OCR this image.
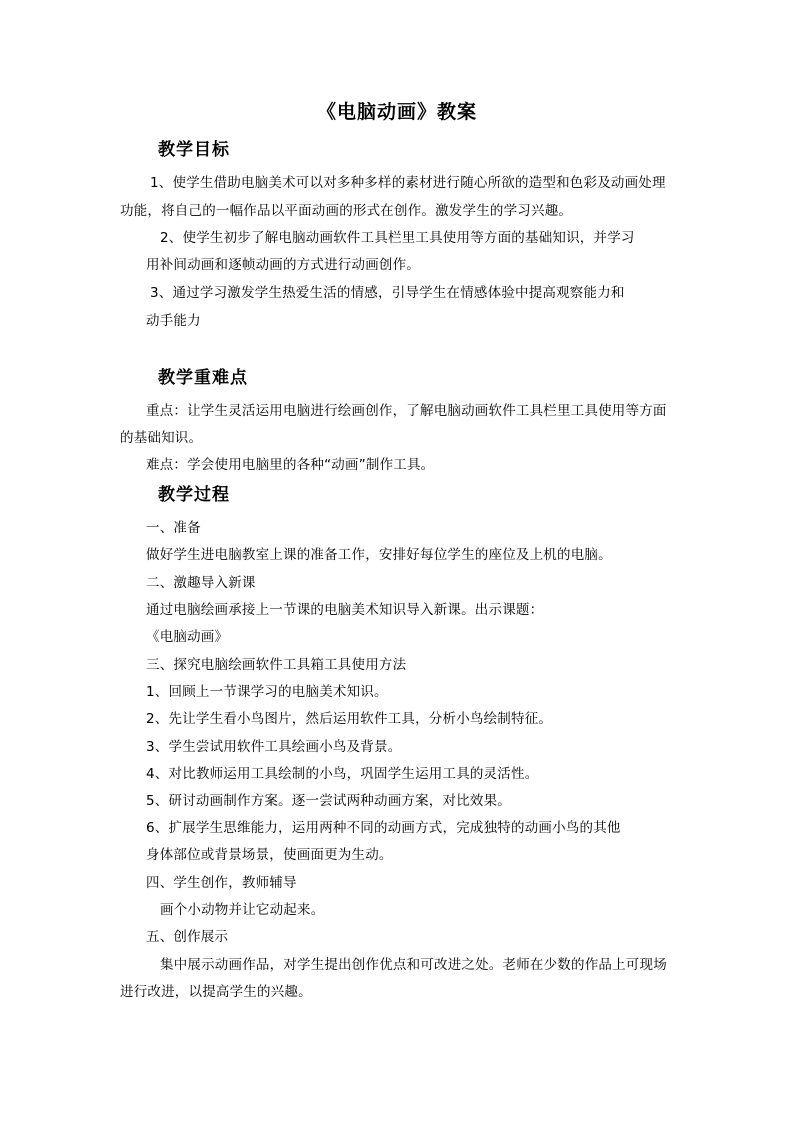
《电脑动画》教案
教学目标
1、使学生借助电脑美术可以对多种多样的素材进行随心所欲的造型和色彩及动画处理
功能，将自己的一幅作品以平面动画的形式在创作。激发学生的学习兴趣。
2、使学生初步了解电脑动画软件工具栏里工具使用等方面的基础知识，并学习
用补间动画和逐帧动画的方式进行动画创作。
3、通过学习激发学生热爱生活的情感，引导学生在情感体验中提高观察能力和
动手能力
教学重难点
重点：让学生灵活运用电脑进行绘画创作，了解电脑动画软件工具栏里工具使用等方面
的基础知识。
难点：学会使用电脑里的各种“动画”制作工具。
教学过程
一、准备
做好学生进电脑教室上课的准备工作，安排好每位学生的座位及上机的电脑。
二、激趣导入新课
通过电脑绘画承接上一节课的电脑美术知识导入新课。出示课题：
《电脑动画》
三、探究电脑绘画软件工具箱工具使用方法
1、回顾上一节课学习的电脑美术知识。
2、先让学生看小鸟图片，然后运用软件工具，分析小鸟绘制特征。
3、学生尝试用软件工具绘画小鸟及背景。
4、对比教师运用工具绘制的小鸟，巩固学生运用工具的灵活性。
5、研讨动画制作方案。逐一尝试两种动画方案，对比效果。
6、扩展学生思维能力，运用两种不同的动画方式，完成独特的动画小鸟的其他
身体部位或背景场景，使画面更为生动。
四、学生创作，教师辅导
画个小动物并让它动起来。
五、创作展示
集中展示动画作品，对学生提出创作优点和可改进之处。老师在少数的作品上可现场
进行改进，以提高学生的兴趣。
